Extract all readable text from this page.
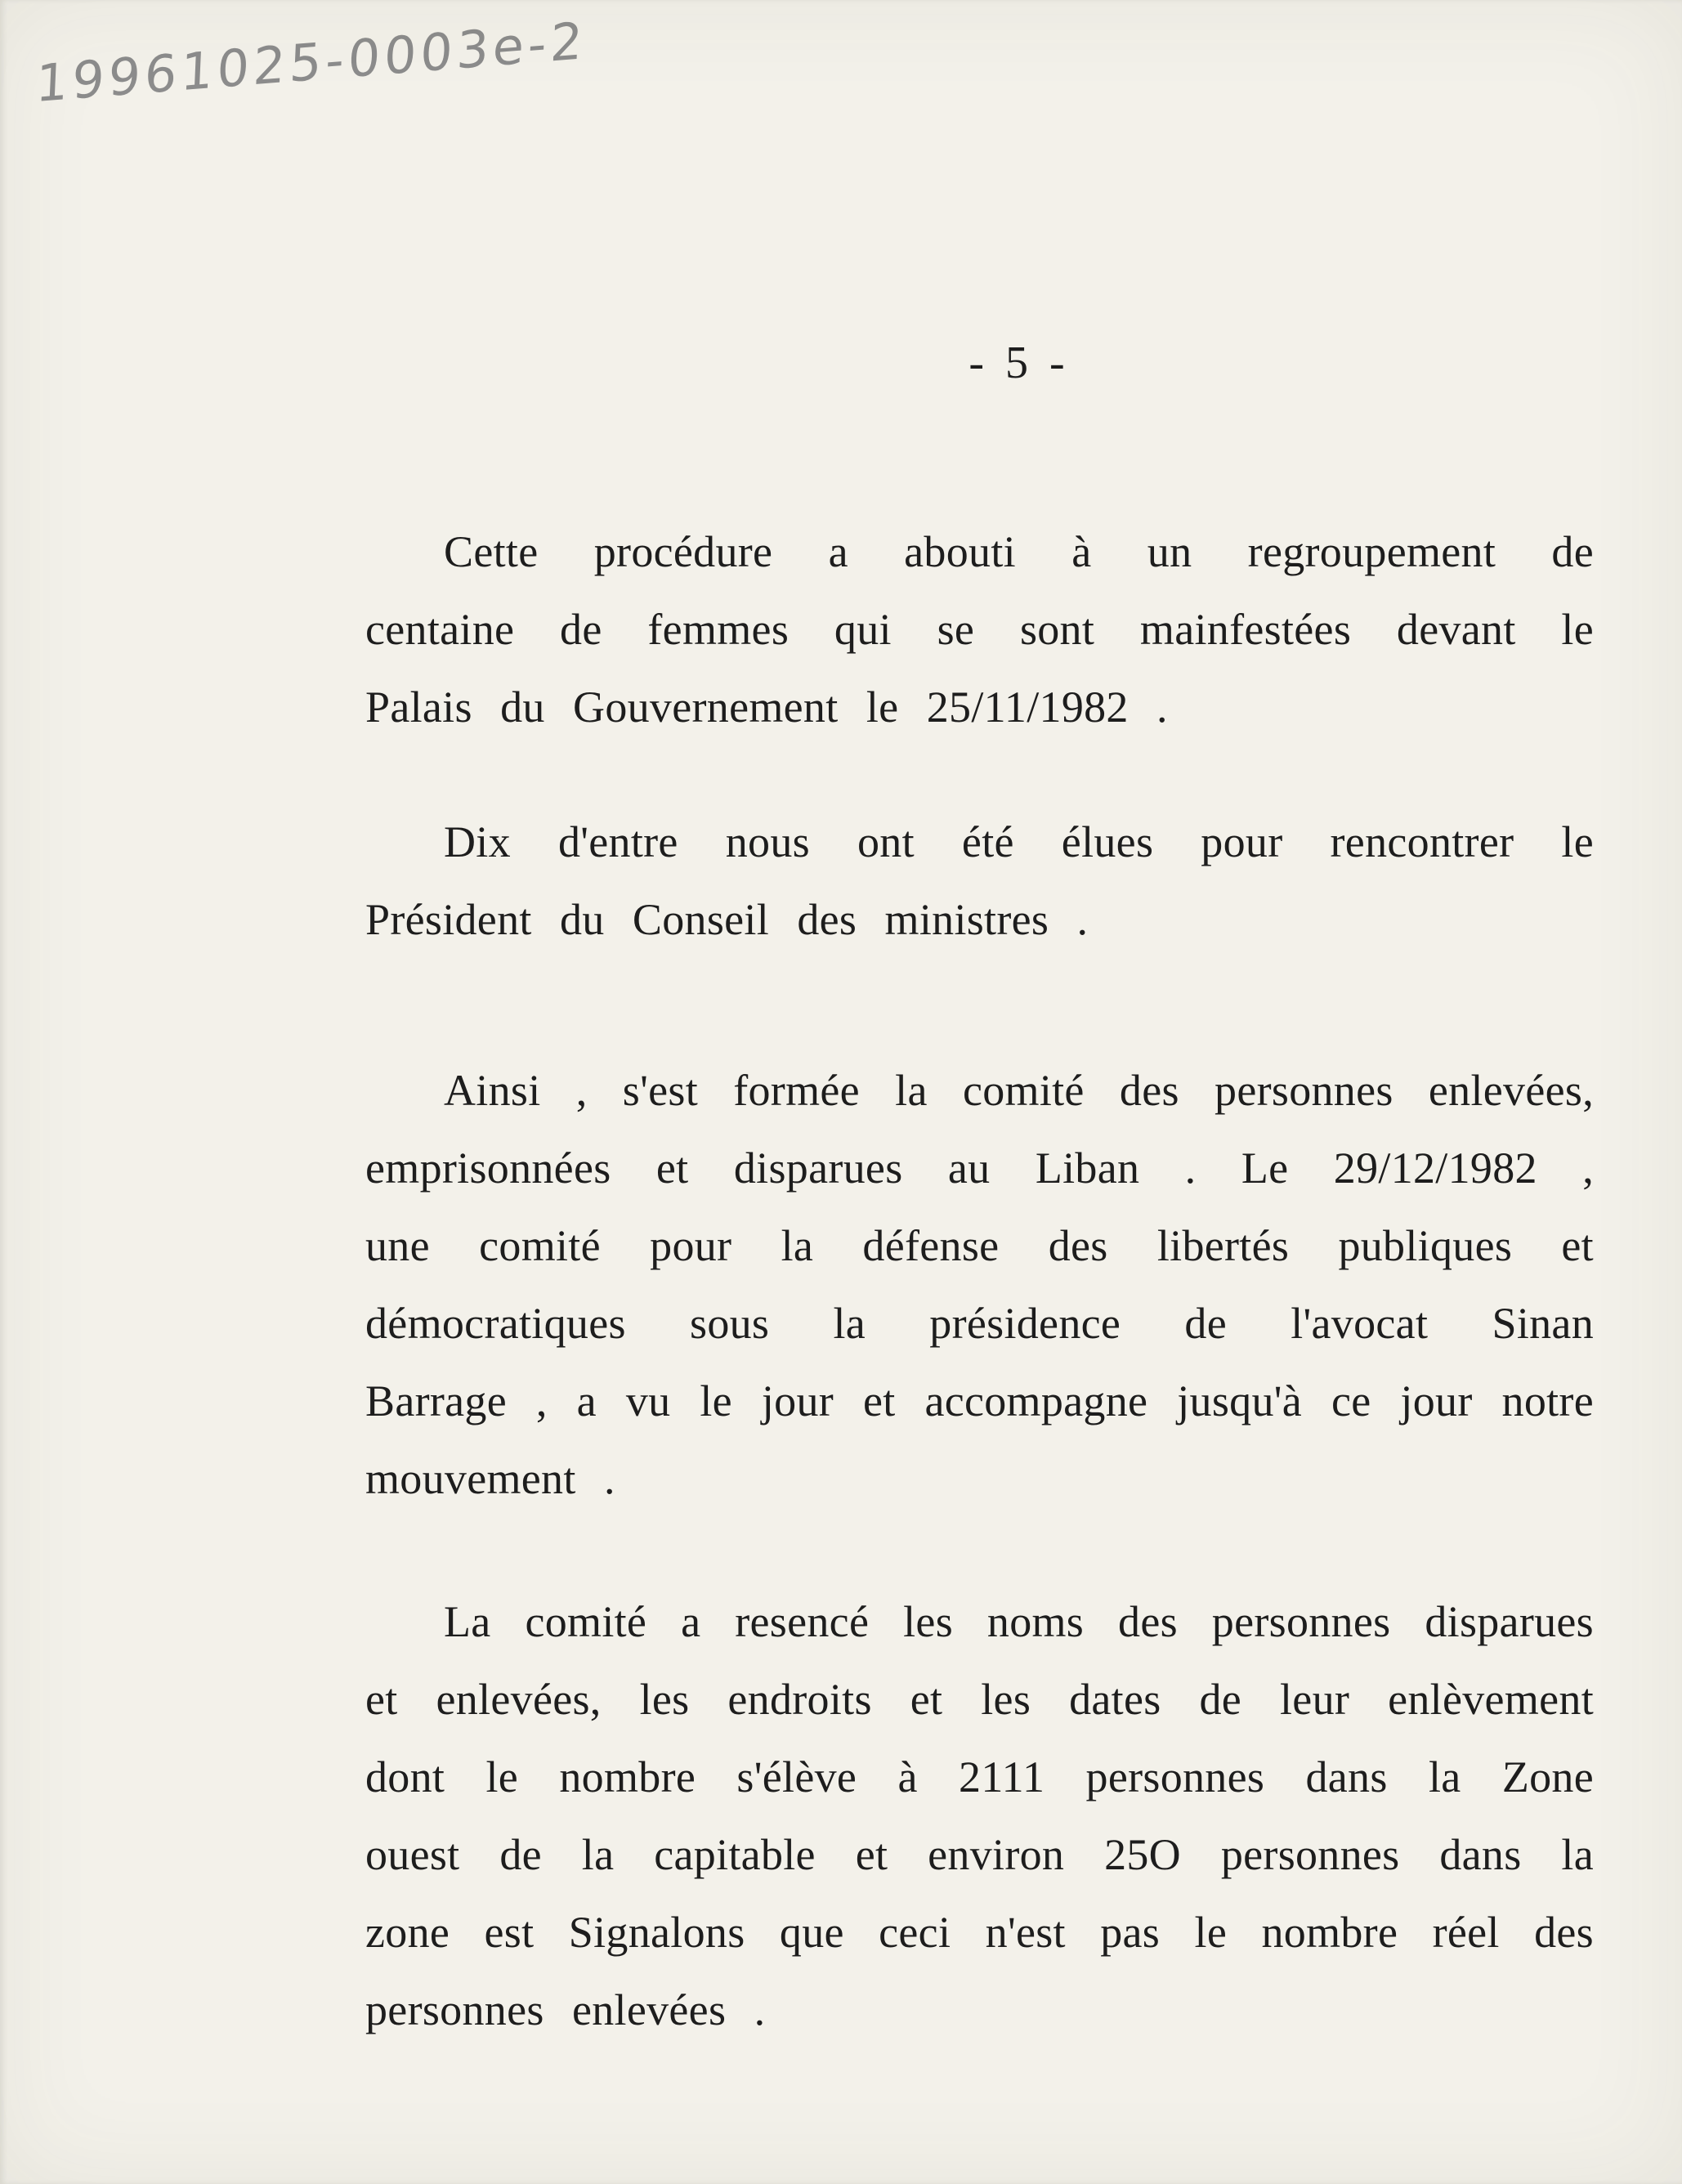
19961025-0003e-2
- 5 -
Cette procédure a abouti à un regroupement de
centaine de femmes qui se sont mainfestées devant le
Palais du Gouvernement le 25/11/1982 .
Dix d'entre nous ont été élues pour rencontrer le
Président du Conseil des ministres .
Ainsi , s'est formée la comité des personnes enlevées,
emprisonnées et disparues au Liban . Le 29/12/1982 ,
une comité pour la défense des libertés publiques et
démocratiques sous la présidence de l'avocat Sinan
Barrage , a vu le jour et accompagne jusqu'à ce jour notre
mouvement .
La comité a resencé les noms des personnes disparues
et enlevées, les endroits et les dates de leur enlèvement
dont le nombre s'élève à 2111 personnes dans la Zone
ouest de la capitable et environ 25O personnes dans la
zone est Signalons que ceci n'est pas le nombre réel des
personnes enlevées .
